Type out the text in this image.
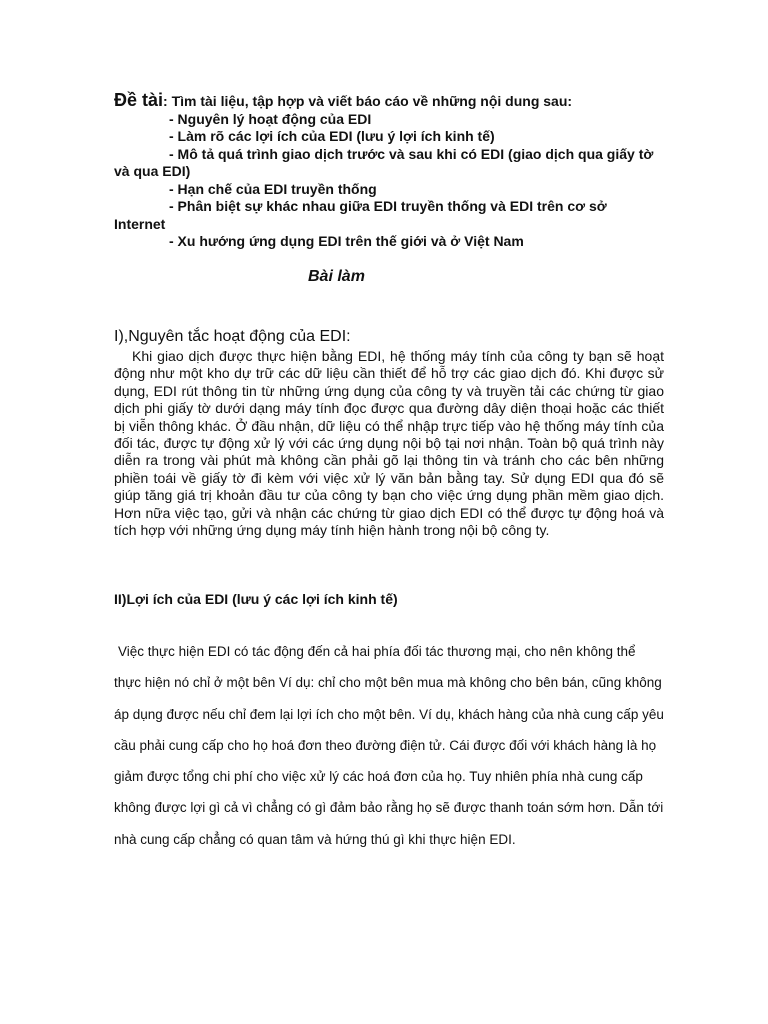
Đề tài: Tìm tài liệu, tập hợp và viết báo cáo về những nội dung sau:
- Nguyên lý hoạt động của EDI
- Làm rõ các lợi ích của EDI (lưu ý lợi ích kinh tế)
- Mô tả quá trình giao dịch trước và sau khi có EDI (giao dịch qua giấy tờ và qua EDI)
- Hạn chế của EDI truyền thống
- Phân biệt sự khác nhau giữa EDI truyền thống và EDI trên cơ sở Internet
- Xu hướng ứng dụng EDI trên thế giới và ở Việt Nam
Bài làm
I),Nguyên tắc hoạt động của EDI:
Khi giao dịch được thực hiện bằng EDI, hệ thống máy tính của công ty bạn sẽ hoạt động như một kho dự trữ các dữ liệu cần thiết để hỗ trợ các giao dịch đó. Khi được sử dụng, EDI rút thông tin từ những ứng dụng của công ty và truyền tải các chứng từ giao dịch phi giấy tờ dưới dạng máy tính đọc được qua đường dây diện thoại hoặc các thiết bị viễn thông khác. Ở đầu nhận, dữ liệu có thể nhập trực tiếp vào hệ thống máy tính của đối tác, được tự động xử lý với các ứng dụng nội bộ tại nơi nhận. Toàn bộ quá trình này diễn ra trong vài phút mà không cần phải gõ lại thông tin và tránh cho các bên những phiền toái về giấy tờ đi kèm với việc xử lý văn bản bằng tay. Sử dụng EDI qua đó sẽ giúp tăng giá trị khoản đầu tư của công ty bạn cho việc ứng dụng phần mềm giao dịch. Hơn nữa việc tạo, gửi và nhận các chứng từ giao dịch EDI có thể được tự động hoá và tích hợp với những ứng dụng máy tính hiện hành trong nội bộ công ty.
II)Lợi ích của EDI (lưu ý các lợi ích kinh tế)
Việc thực hiện EDI có tác động đến cả hai phía đối tác thương mại, cho nên không thể thực hiện nó chỉ ở một bên Ví dụ: chỉ cho một bên mua mà không cho bên bán, cũng không áp dụng được nếu chỉ đem lại lợi ích cho một bên. Ví dụ, khách hàng của nhà cung cấp yêu cầu phải cung cấp cho họ hoá đơn theo đường điện tử. Cái được đối với khách hàng là họ giảm được tổng chi phí cho việc xử lý các hoá đơn của họ. Tuy nhiên phía nhà cung cấp không được lợi gì cả vì chẳng có gì đảm bảo rằng họ sẽ được thanh toán sớm hơn. Dẫn tới nhà cung cấp chẳng có quan tâm và hứng thú gì khi thực hiện EDI.
